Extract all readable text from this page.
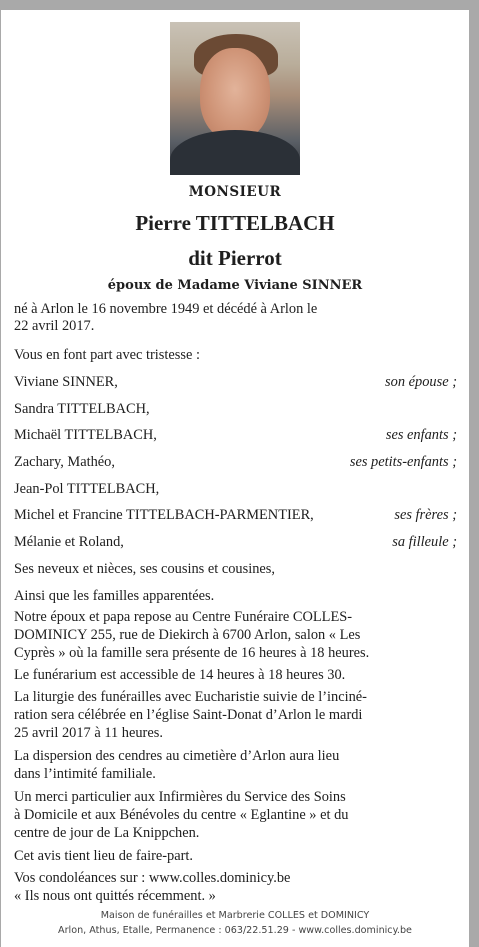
MONSIEUR
Pierre TITTELBACH
dit Pierrot
époux de Madame Viviane SINNER
né à Arlon le 16 novembre 1949 et décédé à Arlon le
22 avril 2017.
Vous en font part avec tristesse :
Viviane SINNER,	son épouse ;
Sandra TITTELBACH,
Michaël TITTELBACH,	ses enfants ;
Zachary, Mathéo,	ses petits-enfants ;
Jean-Pol TITTELBACH,
Michel et Francine TITTELBACH-PARMENTIER,	ses frères ;
Mélanie et Roland,	sa filleule ;
Ses neveux et nièces, ses cousins et cousines,
Ainsi que les familles apparentées.
Notre époux et papa repose au Centre Funéraire COLLES-
DOMINICY 255, rue de Diekirch à 6700 Arlon, salon « Les
Cyprès » où la famille sera présente de 16 heures à 18 heures.
Le funérarium est accessible de 14 heures à 18 heures 30.
La liturgie des funérailles avec Eucharistie suivie de l’inciné-
ration sera célébrée en l’église Saint-Donat d’Arlon le mardi
25 avril 2017 à 11 heures.
La dispersion des cendres au cimetière d’Arlon aura lieu
dans l’intimité familiale.
Un merci particulier aux Infirmières du Service des Soins
à Domicile et aux Bénévoles du centre « Eglantine » et du
centre de jour de La Knippchen.
Cet avis tient lieu de faire-part.
Vos condoléances sur : www.colles.dominicy.be
« Ils nous ont quittés récemment. »
Maison de funérailles et Marbrerie COLLES et DOMINICY
Arlon, Athus, Etalle, Permanence : 063/22.51.29 - www.colles.dominicy.be
